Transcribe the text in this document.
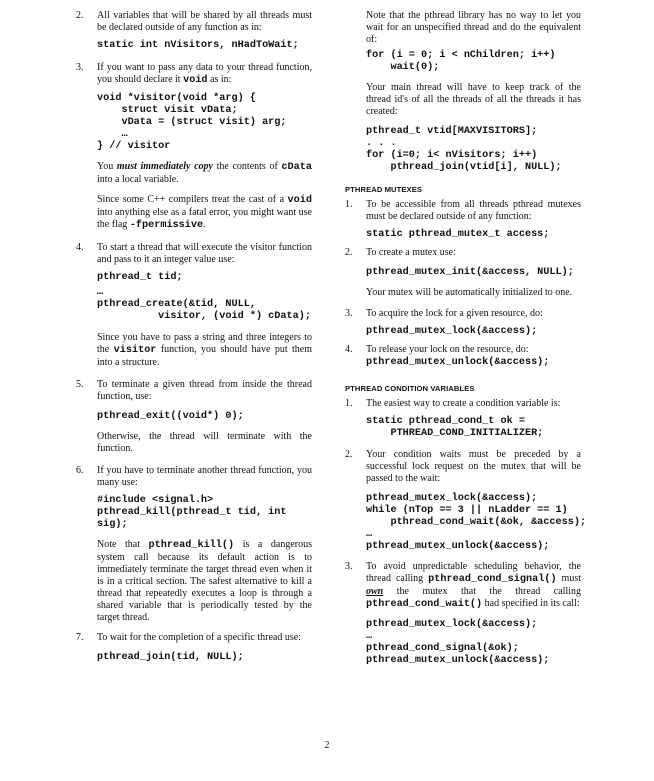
2. All variables that will be shared by all threads must be declared outside of any function as in:

static int nVisitors, nHadToWait;
3. If you want to pass any data to your thread function, you should declare it void as in:

void *visitor(void *arg) {
struct visit vData;
vData = (struct visit) arg;
…
} // visitor

You must immediately copy the contents of cData into a local variable.

Since some C++ compilers treat the cast of a void into anything else as a fatal error, you might want use the flag -fpermissive.

4. To start a thread that will execute the visitor function and pass to it an integer value use:

pthread_t tid;
…
pthread_create(&tid, NULL,
visitor, (void *) cData);

Since you have to pass a string and three integers to the visitor function, you should have put them into a structure.

5. To terminate a given thread from inside the thread function, use:

pthread_exit((void*) 0);

Otherwise, the thread will terminate with the function.

6. If you have to terminate another thread function, you many use:

#include <signal.h>
pthread_kill(pthread_t tid, int
sig);

Note that pthread_kill() is a dangerous system call because its default action is to immediately terminate the target thread even when it is in a critical section. The safest alternative to kill a thread that repeatedly executes a loop is through a shared variable that is periodically tested by the target thread.

7. To wait for the completion of a specific thread use:

pthread_join(tid, NULL);

Note that the pthread library has no way to let you wait for an unspecified thread and do the equivalent of:

for (i = 0; i < nChildren; i++)
wait(0);

Your main thread will have to keep track of the thread id's of all the threads of all the threads it has created:

pthread_t vtid[MAXVISITORS];
. . .
for (i=0; i< nVisitors; i++)
pthread_join(vtid[i], NULL);
PTHREAD MUTEXES
1. To be accessible from all threads pthread mutexes must be declared outside of any function:

static pthread_mutex_t access;
2. To create a mutex use:

pthread_mutex_init(&access, NULL);

Your mutex will be automatically initialized to one.

3. To acquire the lock for a given resource, do:

pthread_mutex_lock(&access);
4. To release your lock on the resource, do:

pthread_mutex_unlock(&access);
PTHREAD CONDITION VARIABLES
1. The easiest way to create a condition variable is:

static pthread_cond_t ok =
PTHREAD_COND_INITIALIZER;
2. Your condition waits must be preceded by a successful lock request on the mutex that will be passed to the wait:

pthread_mutex_lock(&access);
while (nTop == 3 || nLadder == 1)
pthread_cond_wait(&ok, &access);
…
pthread_mutex_unlock(&access);
3. To avoid unpredictable scheduling behavior, the thread calling pthread_cond_signal() must own the mutex that the thread calling pthread_cond_wait() had specified in its call:

pthread_mutex_lock(&access);
…
pthread_cond_signal(&ok);
pthread_mutex_unlock(&access);
2
